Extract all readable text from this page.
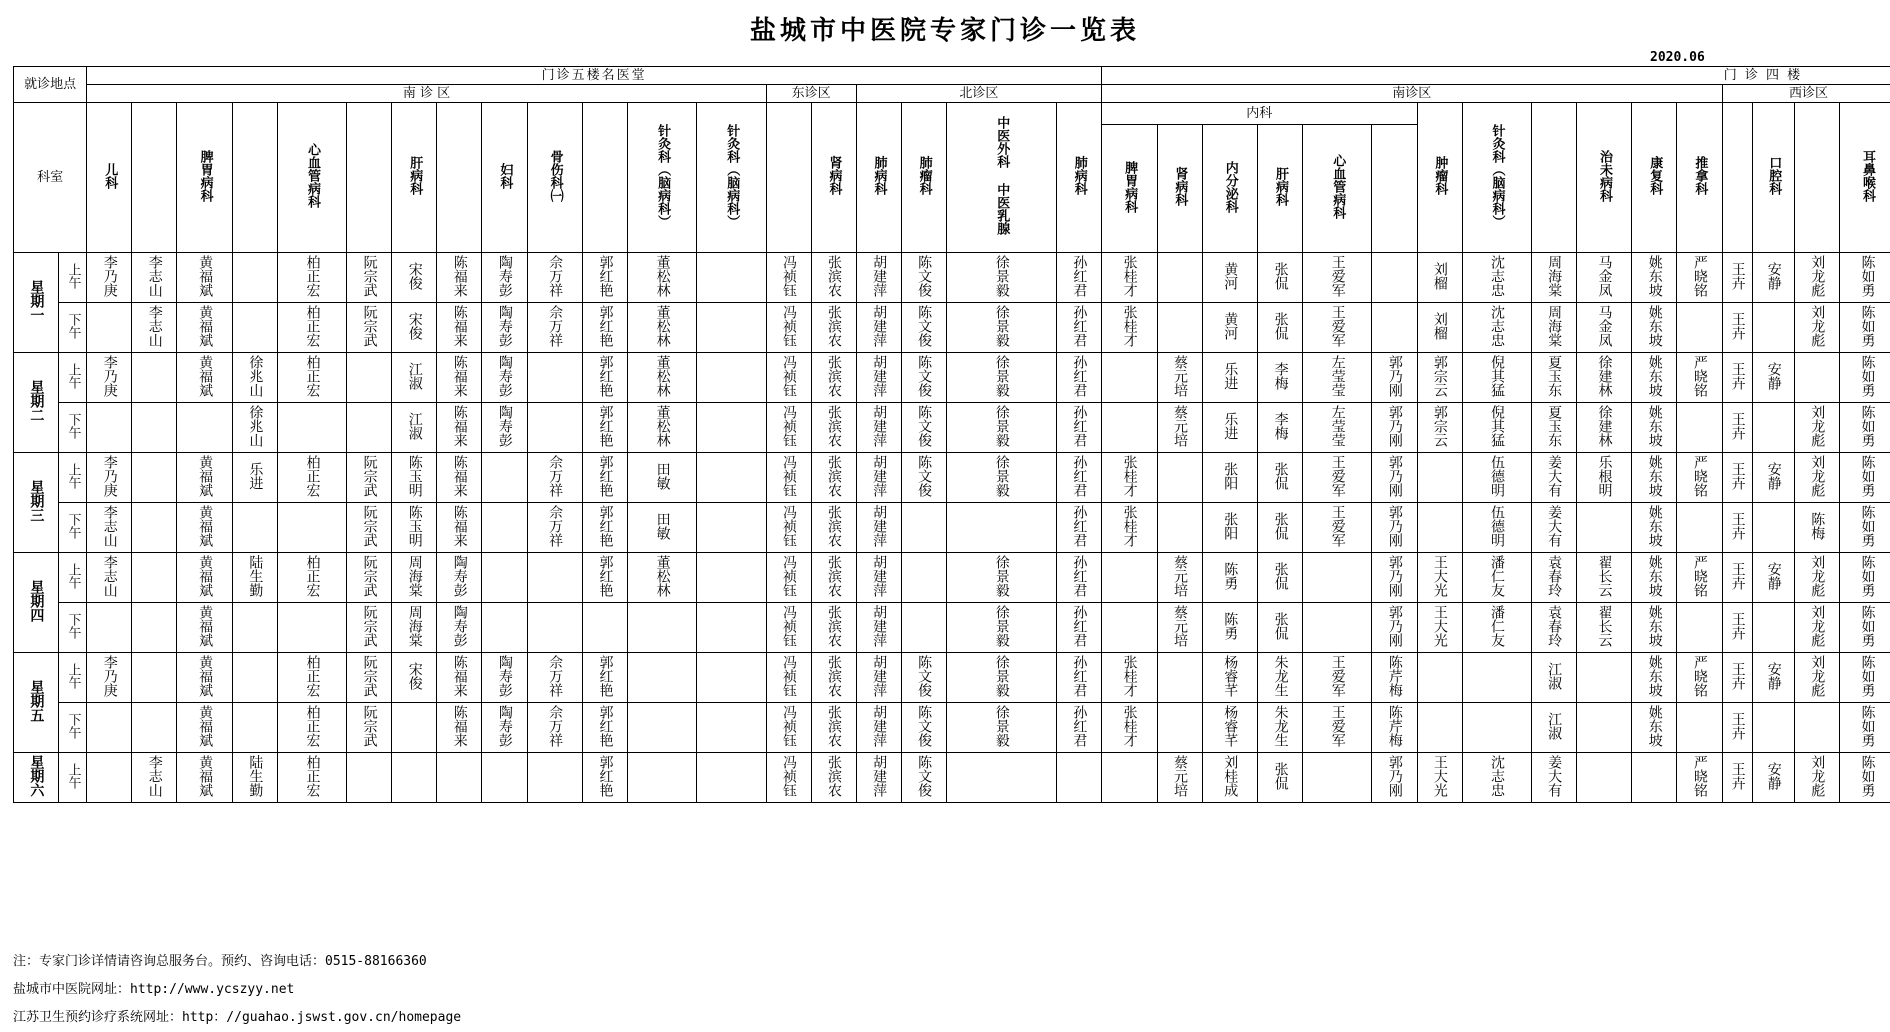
盐城市中医院专家门诊一览表
2020.06
就诊地点	门诊五楼名医堂	门 诊 四 楼			
南 诊 区	东诊区	北诊区	南诊区	西诊区						
科室	儿科		脾胃病科		心血管病科		肝病科		妇科	骨伤科㈠		针灸科（脑病科）	针灸科（脑病科）		肾病科	肺病科	肺瘤科	中医外科 中医乳腺	肺病科	内科	肿瘤科	针灸科（脑病科）		治未病科	康复科	推拿科		口腔科		耳鼻喉科																																			
脾胃病科	肾病科	内分泌科	肝病科	心血管病科					
星期一	上午	李乃庚	李志山	黄福斌		柏正宏	阮宗武	宋俊	陈福来	陶寿彭	佘万祥	郭红艳	董松林		冯祯钰	张滨农	胡建萍	陈文俊	徐景毅	孙红君	张桂才		黄河	张侃	王爱军		刘榴	沈志忠	周海棠	马金凤	姚东坡	严晓铭	王卉	安静	刘龙彪	陈如勇																																							
下午		李志山	黄福斌		柏正宏	阮宗武	宋俊	陈福来	陶寿彭	佘万祥	郭红艳	董松林		冯祯钰	张滨农	胡建萍	陈文俊	徐景毅	孙红君	张桂才		黄河	张侃	王爱军		刘榴	沈志忠	周海棠	马金凤	姚东坡		王卉		刘龙彪	陈如勇																																						
星期二	上午	李乃庚		黄福斌	徐兆山	柏正宏		江淑	陈福来	陶寿彭		郭红艳	董松林		冯祯钰	张滨农	胡建萍	陈文俊	徐景毅	孙红君		蔡元培	乐进	李梅	左莹莹	郭乃刚	郭宗云	倪其猛	夏玉东	徐建林	姚东坡	严晓铭	王卉	安静		陈如勇																																							
下午				徐兆山			江淑	陈福来	陶寿彭		郭红艳	董松林		冯祯钰	张滨农	胡建萍	陈文俊	徐景毅	孙红君		蔡元培	乐进	李梅	左莹莹	郭乃刚	郭宗云	倪其猛	夏玉东	徐建林	姚东坡		王卉		刘龙彪	陈如勇																																						
星期三	上午	李乃庚		黄福斌	乐进	柏正宏	阮宗武	陈玉明	陈福来		佘万祥	郭红艳	田敏		冯祯钰	张滨农	胡建萍	陈文俊	徐景毅	孙红君	张桂才		张阳	张侃	王爱军	郭乃刚		伍德明	姜大有	乐根明	姚东坡	严晓铭	王卉	安静	刘龙彪	陈如勇																																							
下午	李志山		黄福斌			阮宗武	陈玉明	陈福来		佘万祥	郭红艳	田敏		冯祯钰	张滨农	胡建萍			孙红君	张桂才		张阳	张侃	王爱军	郭乃刚		伍德明	姜大有		姚东坡		王卉		陈梅	陈如勇																																						
星期四	上午	李志山		黄福斌	陆生勤	柏正宏	阮宗武	周海棠	陶寿彭			郭红艳	董松林		冯祯钰	张滨农	胡建萍		徐景毅	孙红君		蔡元培	陈勇	张侃		郭乃刚	王大光	潘仁友	袁春玲	翟长云	姚东坡	严晓铭	王卉	安静	刘龙彪	陈如勇																																							
下午			黄福斌			阮宗武	周海棠	陶寿彭						冯祯钰	张滨农	胡建萍		徐景毅	孙红君		蔡元培	陈勇	张侃		郭乃刚	王大光	潘仁友	袁春玲	翟长云	姚东坡		王卉		刘龙彪	陈如勇																																						
星期五	上午	李乃庚		黄福斌		柏正宏	阮宗武	宋俊	陈福来	陶寿彭	佘万祥	郭红艳			冯祯钰	张滨农	胡建萍	陈文俊	徐景毅	孙红君	张桂才		杨睿芊	朱龙生	王爱军	陈芹梅			江淑		姚东坡	严晓铭	王卉	安静	刘龙彪	陈如勇																																							
下午			黄福斌		柏正宏	阮宗武		陈福来	陶寿彭	佘万祥	郭红艳			冯祯钰	张滨农	胡建萍	陈文俊	徐景毅	孙红君	张桂才		杨睿芊	朱龙生	王爱军	陈芹梅			江淑		姚东坡		王卉			陈如勇																																						
星期六	上午		李志山	黄福斌	陆生勤	柏正宏						郭红艳			冯祯钰	张滨农	胡建萍	陈文俊				蔡元培	刘桂成	张侃		郭乃刚	王大光	沈志忠	姜大有			严晓铭	王卉	安静	刘龙彪	陈如勇																																							
注：专家门诊详情请咨询总服务台。预约、咨询电话：0515-88166360
盐城市中医院网址：http://www.ycszyy.net
江苏卫生预约诊疗系统网址：http：//guahao.jswst.gov.cn/homepage
